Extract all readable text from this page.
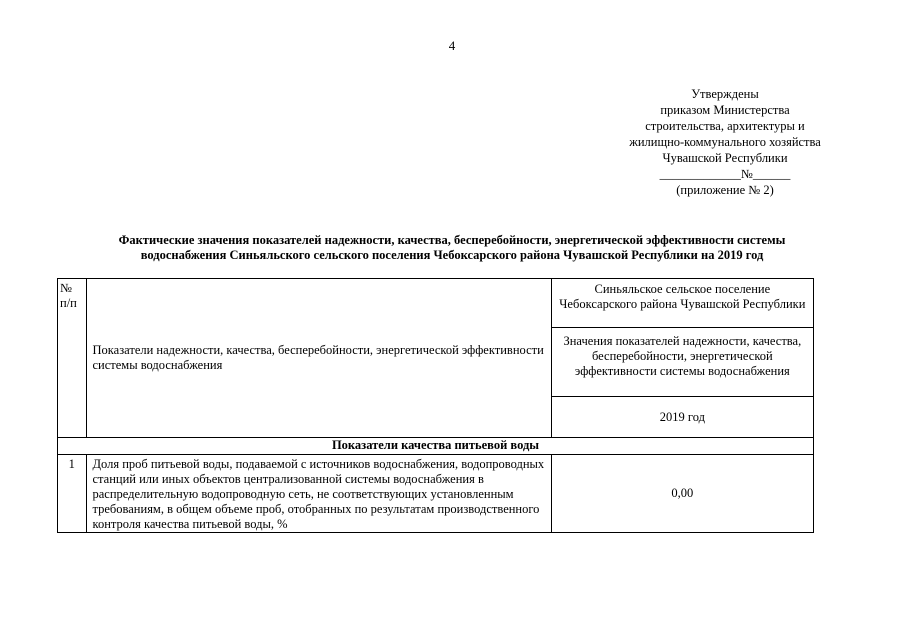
4
Утверждены
приказом Министерства
строительства, архитектуры и
жилищно-коммунального хозяйства
Чувашской Республики
_____________№______
(приложение № 2)
Фактические значения показателей надежности, качества, бесперебойности, энергетической эффективности системы
водоснабжения Синьяльского сельского поселения Чебоксарского района Чувашской Республики на 2019 год
№ п/п	Показатели надежности, качества, бесперебойности, энергетической эффективности системы водоснабжения	Синьяльское сельское поселение Чебоксарского района Чувашской Республики
		Значения показателей надежности, качества, бесперебойности, энергетической эффективности системы водоснабжения
		2019 год
Показатели качества питьевой воды		
1	Доля проб питьевой воды, подаваемой с источников водоснабжения, водопроводных станций или иных объектов централизованной системы водоснабжения в распределительную водопроводную сеть, не соответствующих установленным требованиям, в общем объеме проб, отобранных по результатам производственного контроля качества питьевой воды, %	0,00
